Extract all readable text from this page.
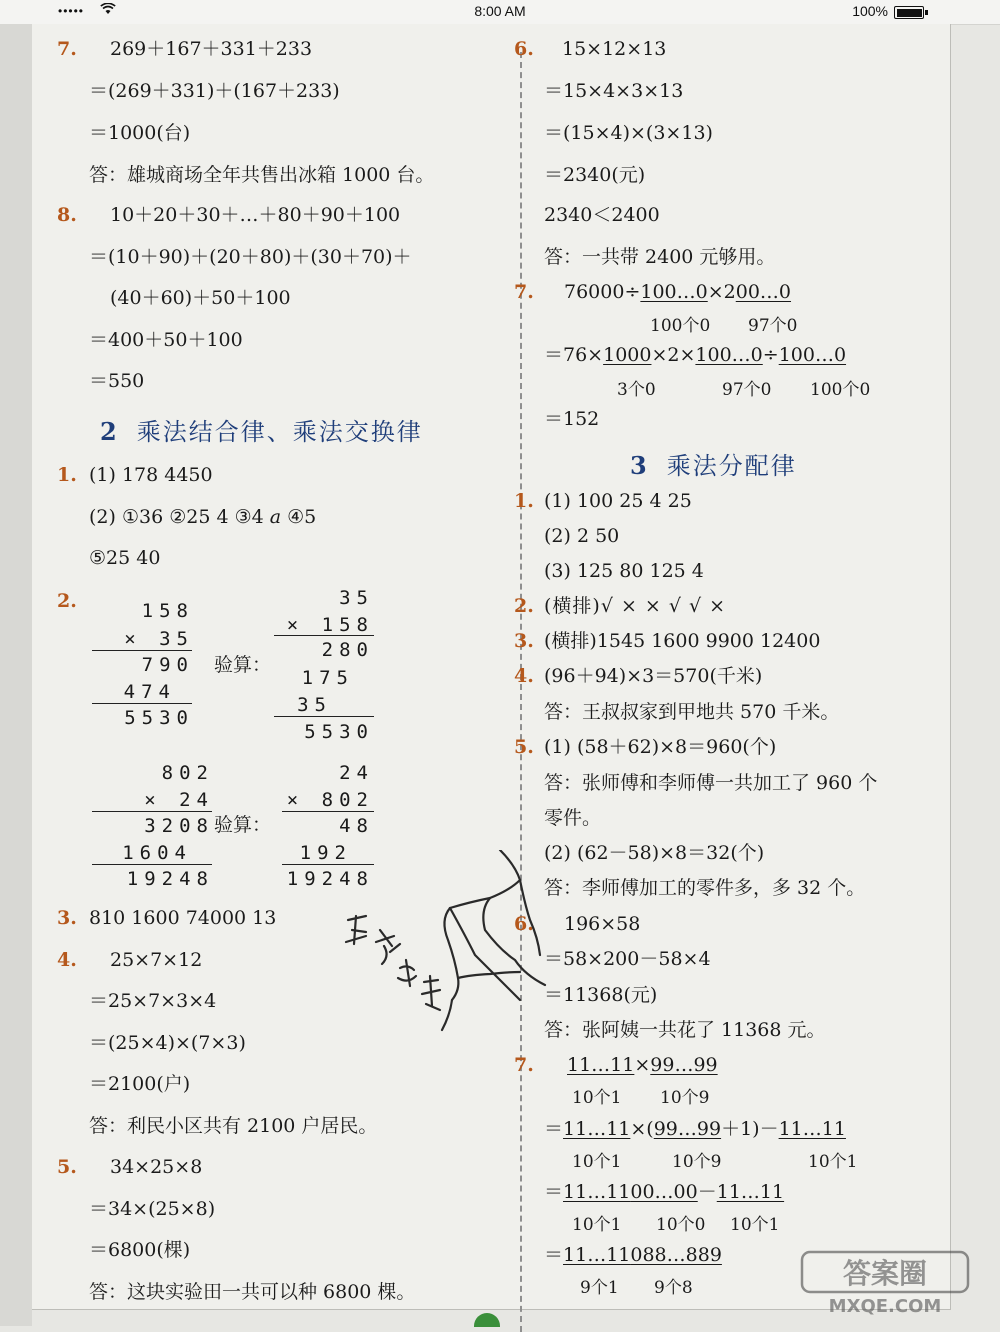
•••••	8:00 AM	100%
7. 269＋167＋331＋233
＝(269＋331)＋(167＋233)
＝1000(台)
答：雄城商场全年共售出冰箱 1000 台。
8. 10＋20＋30＋…＋80＋90＋100
＝(10＋90)＋(20＋80)＋(30＋70)＋
(40＋60)＋50＋100
＝400＋50＋100
＝550
2 乘法结合律、乘法交换律
1. (1) 178 4450
(2) ①36 ②25 4 ③4 a ④5
⑤25 40
2.	158
× 35
790
474
5530
验算：
35
× 158
280
175
35
5530
802
× 24
3208
1604
19248
验算：
24
× 802
48
192
19248
3. 810 1600 74000 13
4. 25×7×12
＝25×7×3×4
＝(25×4)×(7×3)
＝2100(户)
答：利民小区共有 2100 户居民。
5. 34×25×8
＝34×(25×8)
＝6800(棵)
答：这块实验田一共可以种 6800 棵。
6. 15×12×13
＝15×4×3×13
＝(15×4)×(3×13)
＝2340(元)
2340＜2400
答：一共带 2400 元够用。
7. 76000÷100…0×200…0
100个0 97个0
＝76×1000×2×100…0÷100…0
3个0	97个0 100个0
＝152
3 乘法分配律
1. (1) 100 25 4 25
(2) 2 50
(3) 125 80 125 4
2. (横排)√ × × √ √ ×
3. (横排)1545 1600 9900 12400
4. (96＋94)×3＝570(千米)
答：王叔叔家到甲地共 570 千米。
5. (1) (58＋62)×8＝960(个)
答：张师傅和李师傅一共加工了 960 个
零件。
(2) (62－58)×8＝32(个)
答：李师傅加工的零件多，多 32 个。
6. 196×58
＝58×200－58×4
＝11368(元)
答：张阿姨一共花了 11368 元。
7. 11…11×99…99
10个1 10个9
＝11…11×(99…99＋1)－11…11
10个1	10个9	10个1
＝11…1100…00－11…11
10个1 10个0 10个1
＝11…11088…889
9个1 9个8	答案圈
MXQE.COM
